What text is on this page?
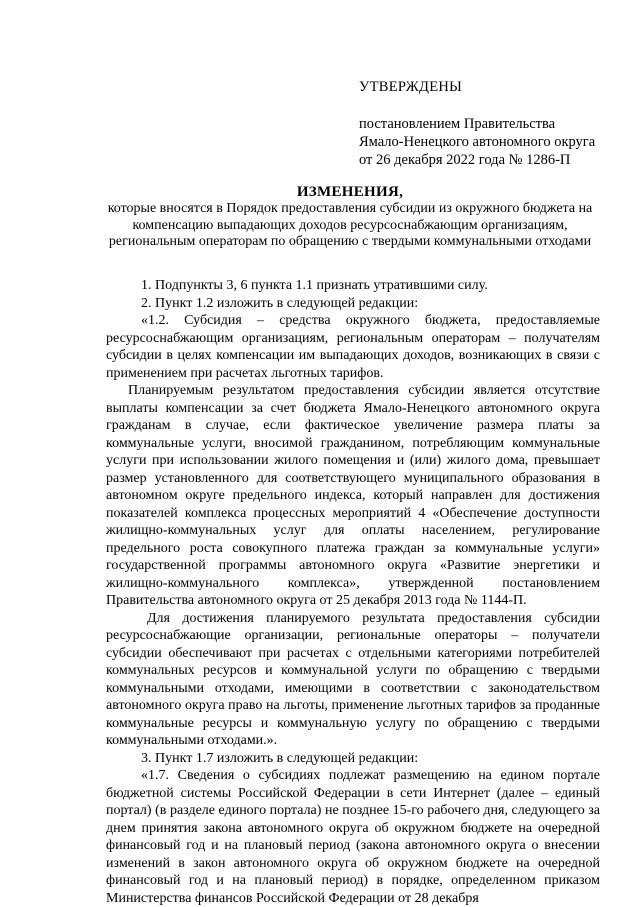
УТВЕРЖДЕНЫ
постановлением Правительства
Ямало-Ненецкого автономного округа
от 26 декабря 2022 года № 1286-П
ИЗМЕНЕНИЯ,
которые вносятся в Порядок предоставления субсидии из окружного бюджета на компенсацию выпадающих доходов ресурсоснабжающим организациям, региональным операторам по обращению с твердыми коммунальными отходами

1. Подпункты 3, 6 пункта 1.1 признать утратившими силу.

2. Пункт 1.2 изложить в следующей редакции:

«1.2. Субсидия – средства окружного бюджета, предоставляемые ресурсоснабжающим организациям, региональным операторам – получателям субсидии в целях компенсации им выпадающих доходов, возникающих в связи с применением при расчетах льготных тарифов.

Планируемым результатом предоставления субсидии является отсутствие выплаты компенсации за счет бюджета Ямало-Ненецкого автономного округа гражданам в случае, если фактическое увеличение размера платы за коммунальные услуги, вносимой гражданином, потребляющим коммунальные услуги при использовании жилого помещения и (или) жилого дома, превышает размер установленного для соответствующего муниципального образования в автономном округе предельного индекса, который направлен для достижения показателей комплекса процессных мероприятий 4 «Обеспечение доступности жилищно-коммунальных услуг для оплаты населением, регулирование предельного роста совокупного платежа граждан за коммунальные услуги» государственной программы автономного округа «Развитие энергетики и жилищно-коммунального комплекса», утвержденной постановлением Правительства автономного округа от 25 декабря 2013 года № 1144-П.

Для достижения планируемого результата предоставления субсидии ресурсоснабжающие организации, региональные операторы – получатели субсидии обеспечивают при расчетах с отдельными категориями потребителей коммунальных ресурсов и коммунальной услуги по обращению с твердыми коммунальными отходами, имеющими в соответствии с законодательством автономного округа право на льготы, применение льготных тарифов за проданные коммунальные ресурсы и коммунальную услугу по обращению с твердыми коммунальными отходами.».

3. Пункт 1.7 изложить в следующей редакции:

«1.7. Сведения о субсидиях подлежат размещению на едином портале бюджетной системы Российской Федерации в сети Интернет (далее – единый портал) (в разделе единого портала) не позднее 15-го рабочего дня, следующего за днем принятия закона автономного округа об окружном бюджете на очередной финансовый год и на плановый период (закона автономного округа о внесении изменений в закон автономного округа об окружном бюджете на очередной финансовый год и на плановый период) в порядке, определенном приказом Министерства финансов Российской Федерации от 28 декабря
